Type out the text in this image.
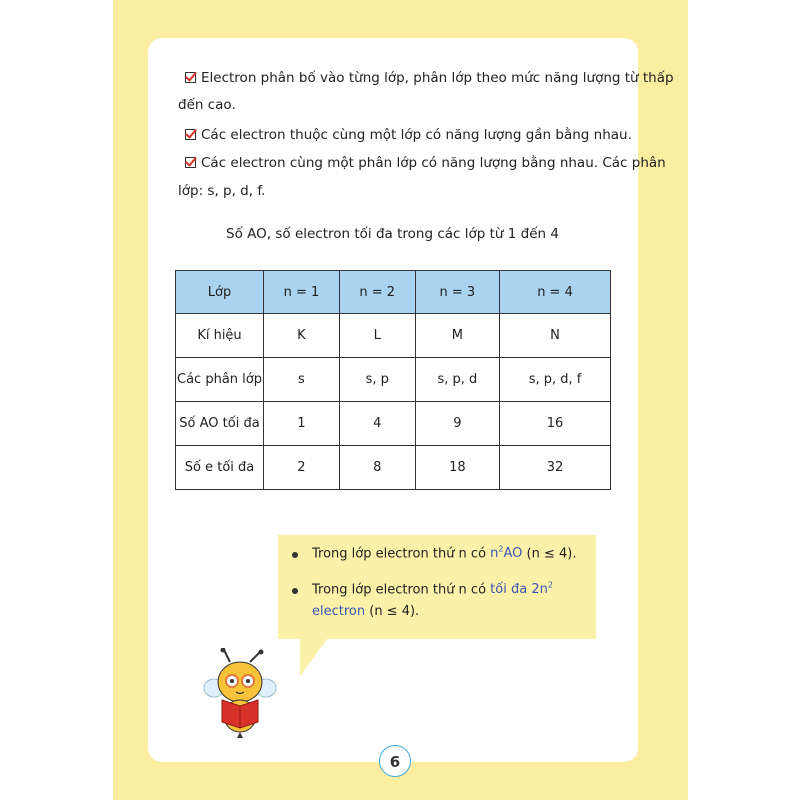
Electron phân bố vào từng lớp, phân lớp theo mức năng lượng từ thấp
đến cao.
Các electron thuộc cùng một lớp có năng lượng gần bằng nhau.
Các electron cùng một phân lớp có năng lượng bằng nhau. Các phân
lớp: s, p, d, f.
Số AO, số electron tối đa trong các lớp từ 1 đến 4
Lớp	n = 1	n = 2	n = 3	n = 4
Kí hiệu	K	L	M	N
Các phân lớp	s	s, p	s, p, d	s, p, d, f
Số AO tối đa	1	4	9	16
Số e tối đa	2	8	18	32
Trong lớp electron thứ n có $n^2AO$ (n ≤ 4).
Trong lớp electron thứ n có tối đa $2n^2$
electron (n ≤ 4).
6
